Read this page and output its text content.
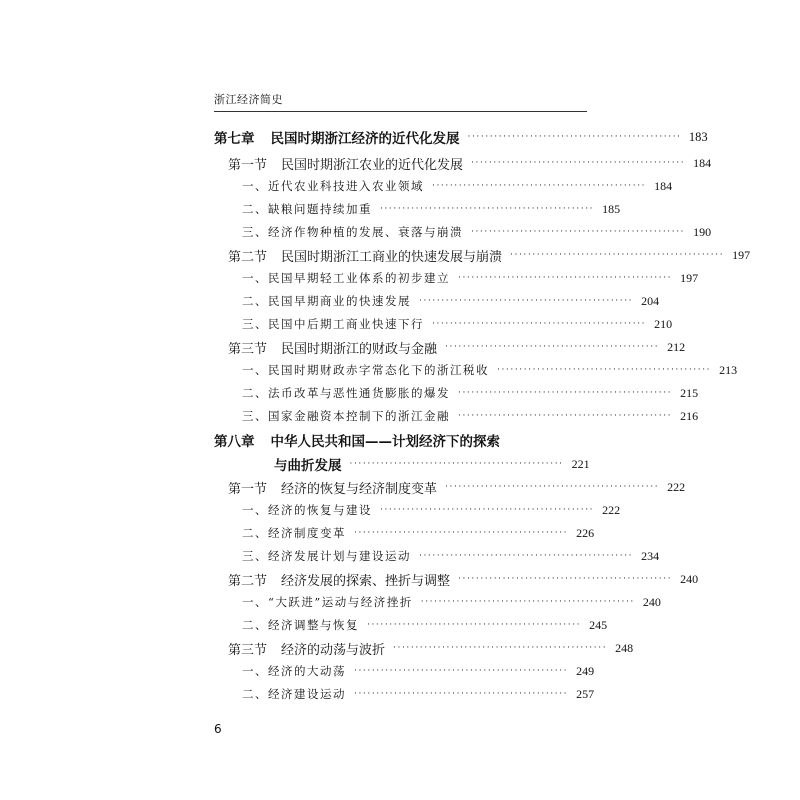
浙江经济简史
第七章 民国时期浙江经济的近代化发展 ················································ 183
第一节 民国时期浙江农业的近代化发展 ················································ 184
一、近代农业科技进入农业领域 ················································ 184
二、缺粮问题持续加重 ················································ 185
三、经济作物种植的发展、衰落与崩溃 ················································ 190
第二节 民国时期浙江工商业的快速发展与崩溃 ················································ 197
一、民国早期轻工业体系的初步建立 ················································ 197
二、民国早期商业的快速发展 ················································ 204
三、民国中后期工商业快速下行 ················································ 210
第三节 民国时期浙江的财政与金融 ················································ 212
一、民国时期财政赤字常态化下的浙江税收 ················································ 213
二、法币改革与恶性通货膨胀的爆发 ················································ 215
三、国家金融资本控制下的浙江金融 ················································ 216
第八章 中华人民共和国——计划经济下的探索
与曲折发展 ················································ 221
第一节 经济的恢复与经济制度变革 ················································ 222
一、经济的恢复与建设 ················································ 222
二、经济制度变革 ················································ 226
三、经济发展计划与建设运动 ················································ 234
第二节 经济发展的探索、挫折与调整 ················································ 240
一、“大跃进”运动与经济挫折 ················································ 240
二、经济调整与恢复 ················································ 245
第三节 经济的动荡与波折 ················································ 248
一、经济的大动荡 ················································ 249
二、经济建设运动 ················································ 257
6
